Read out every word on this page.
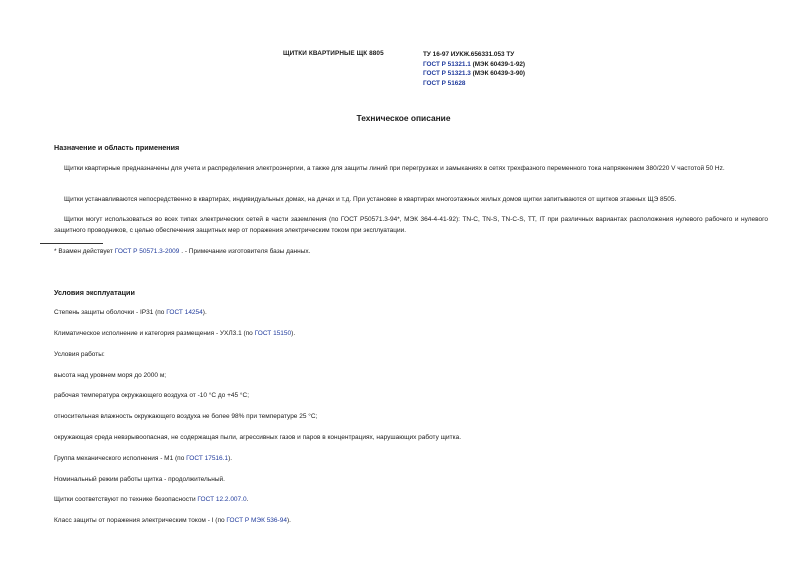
ЩИТКИ КВАРТИРНЫЕ ЩК 8805	ТУ 16-97 ИУКЖ.656331.053 ТУ
ГОСТ Р 51321.1 (МЭК 60439-1-92)
ГОСТ Р 51321.3 (МЭК 60439-3-90)
ГОСТ Р 51628
Техническое описание
Назначение и область применения
Щитки квартирные предназначены для учета и распределения электроэнергии, а также для защиты линий при перегрузках и замыканиях в сетях трехфазного переменного тока напряжением 380/220 V частотой 50 Hz.
Щитки устанавливаются непосредственно в квартирах, индивидуальных домах, на дачах и т.д. При установке в квартирах многоэтажных жилых домов щитки запитываются от щитков этажных ЩЭ 8505.
Щитки могут использоваться во всех типах электрических сетей в части заземления (по ГОСТ Р50571.3-94*, МЭК 364-4-41-92): TN-C, TN-S, TN-C-S, TT, IT при различных вариантах расположения нулевого рабочего и нулевого защитного проводников, с целью обеспечения защитных мер от поражения электрическим током при эксплуатации.
* Взамен действует ГОСТ Р 50571.3-2009 . - Примечание изготовителя базы данных.
Условия эксплуатации
Степень защиты оболочки - IP31 (по ГОСТ 14254).
Климатическое исполнение и категория размещения - УХЛ3.1 (по ГОСТ 15150).
Условия работы:
высота над уровнем моря до 2000 м;
рабочая температура окружающего воздуха от -10 °С до +45 °С;
относительная влажность окружающего воздуха не более 98% при температуре 25 °С;
окружающая среда невзрывоопасная, не содержащая пыли, агрессивных газов и паров в концентрациях, нарушающих работу щитка.
Группа механического исполнения - М1 (по ГОСТ 17516.1).
Номинальный режим работы щитка - продолжительный.
Щитки соответствуют по технике безопасности ГОСТ 12.2.007.0.
Класс защиты от поражения электрическим током - I (по ГОСТ Р МЭК 536-94).
